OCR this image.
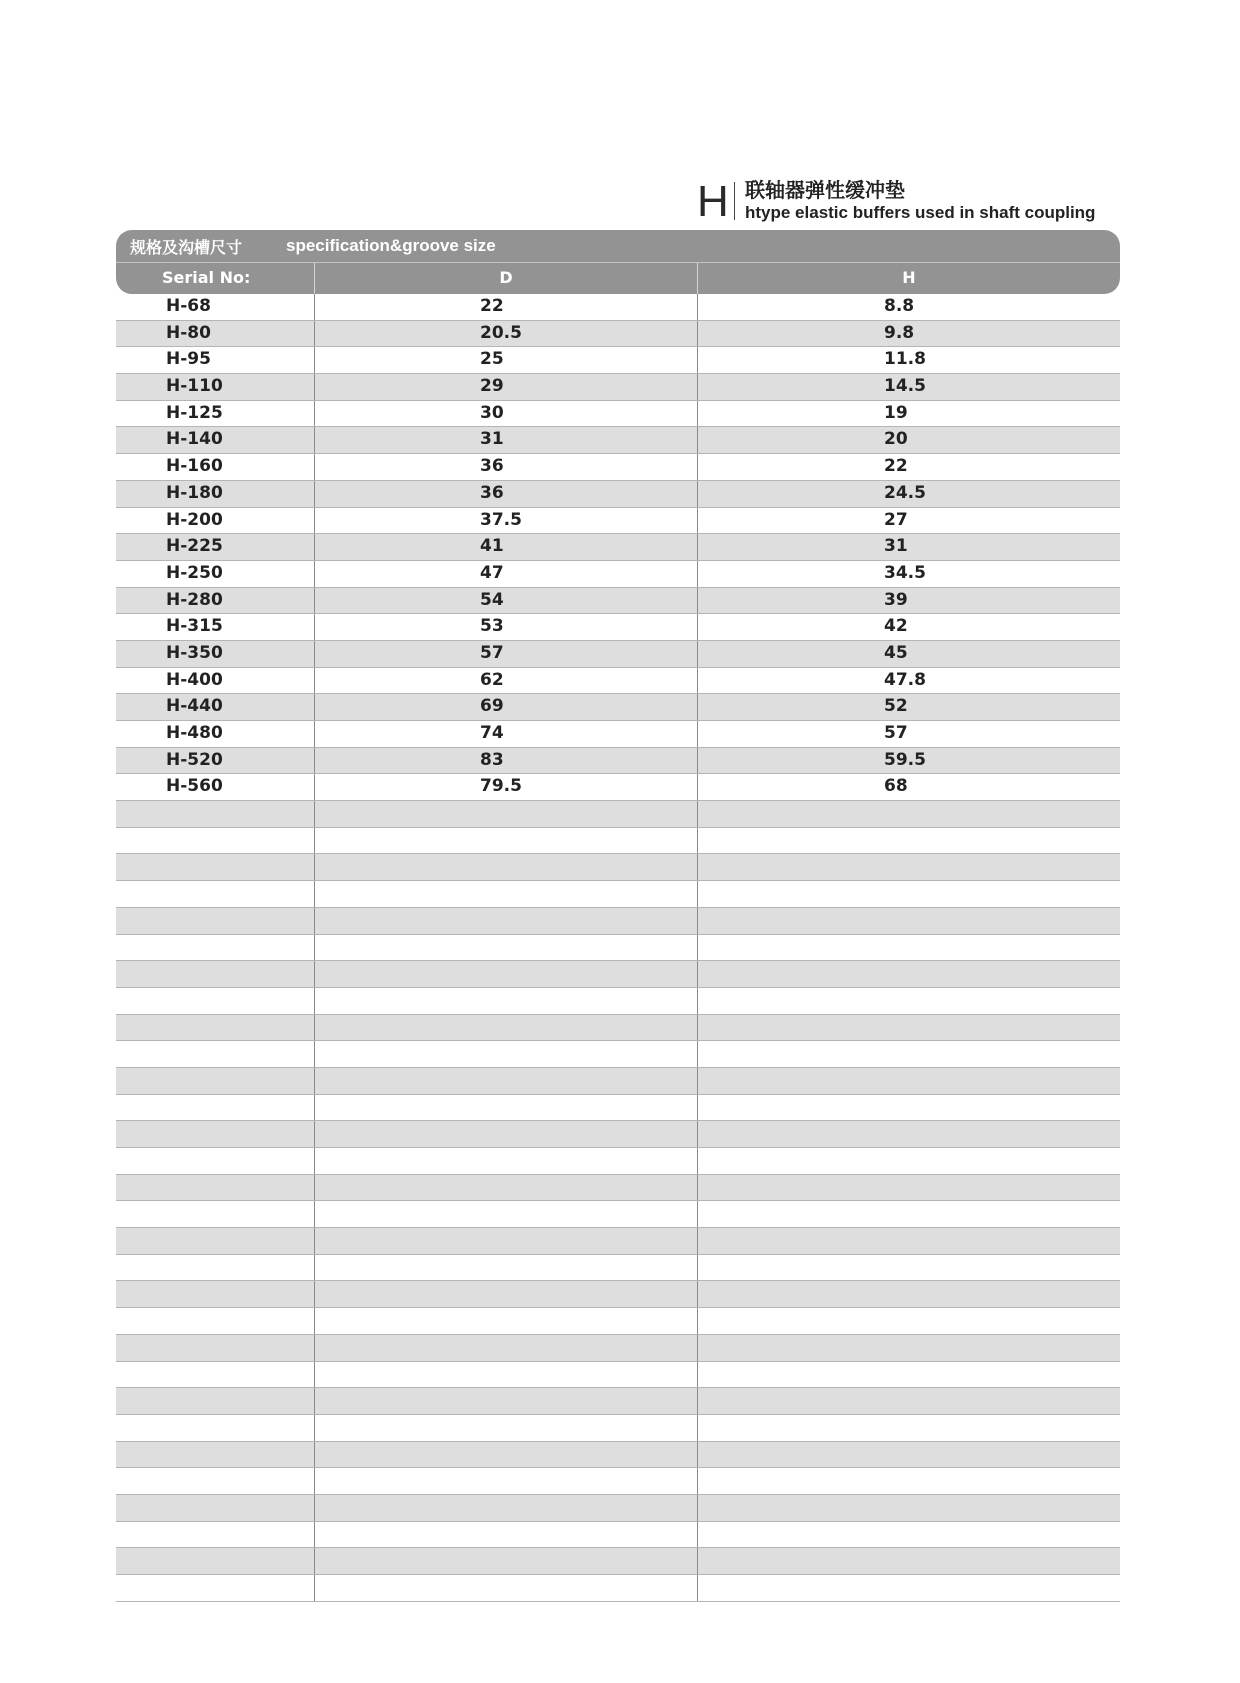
H 联轴器弹性缓冲垫
htype elastic buffers used in shaft coupling
规格及沟槽尺寸	specification&groove size
Serial No:	D	H
H-68	22	8.8
H-80	20.5	9.8
H-95	25	11.8
H-110	29	14.5
H-125	30	19
H-140	31	20
H-160	36	22
H-180	36	24.5
H-200	37.5	27
H-225	41	31
H-250	47	34.5
H-280	54	39
H-315	53	42
H-350	57	45
H-400	62	47.8
H-440	69	52
H-480	74	57
H-520	83	59.5
H-560	79.5	68
